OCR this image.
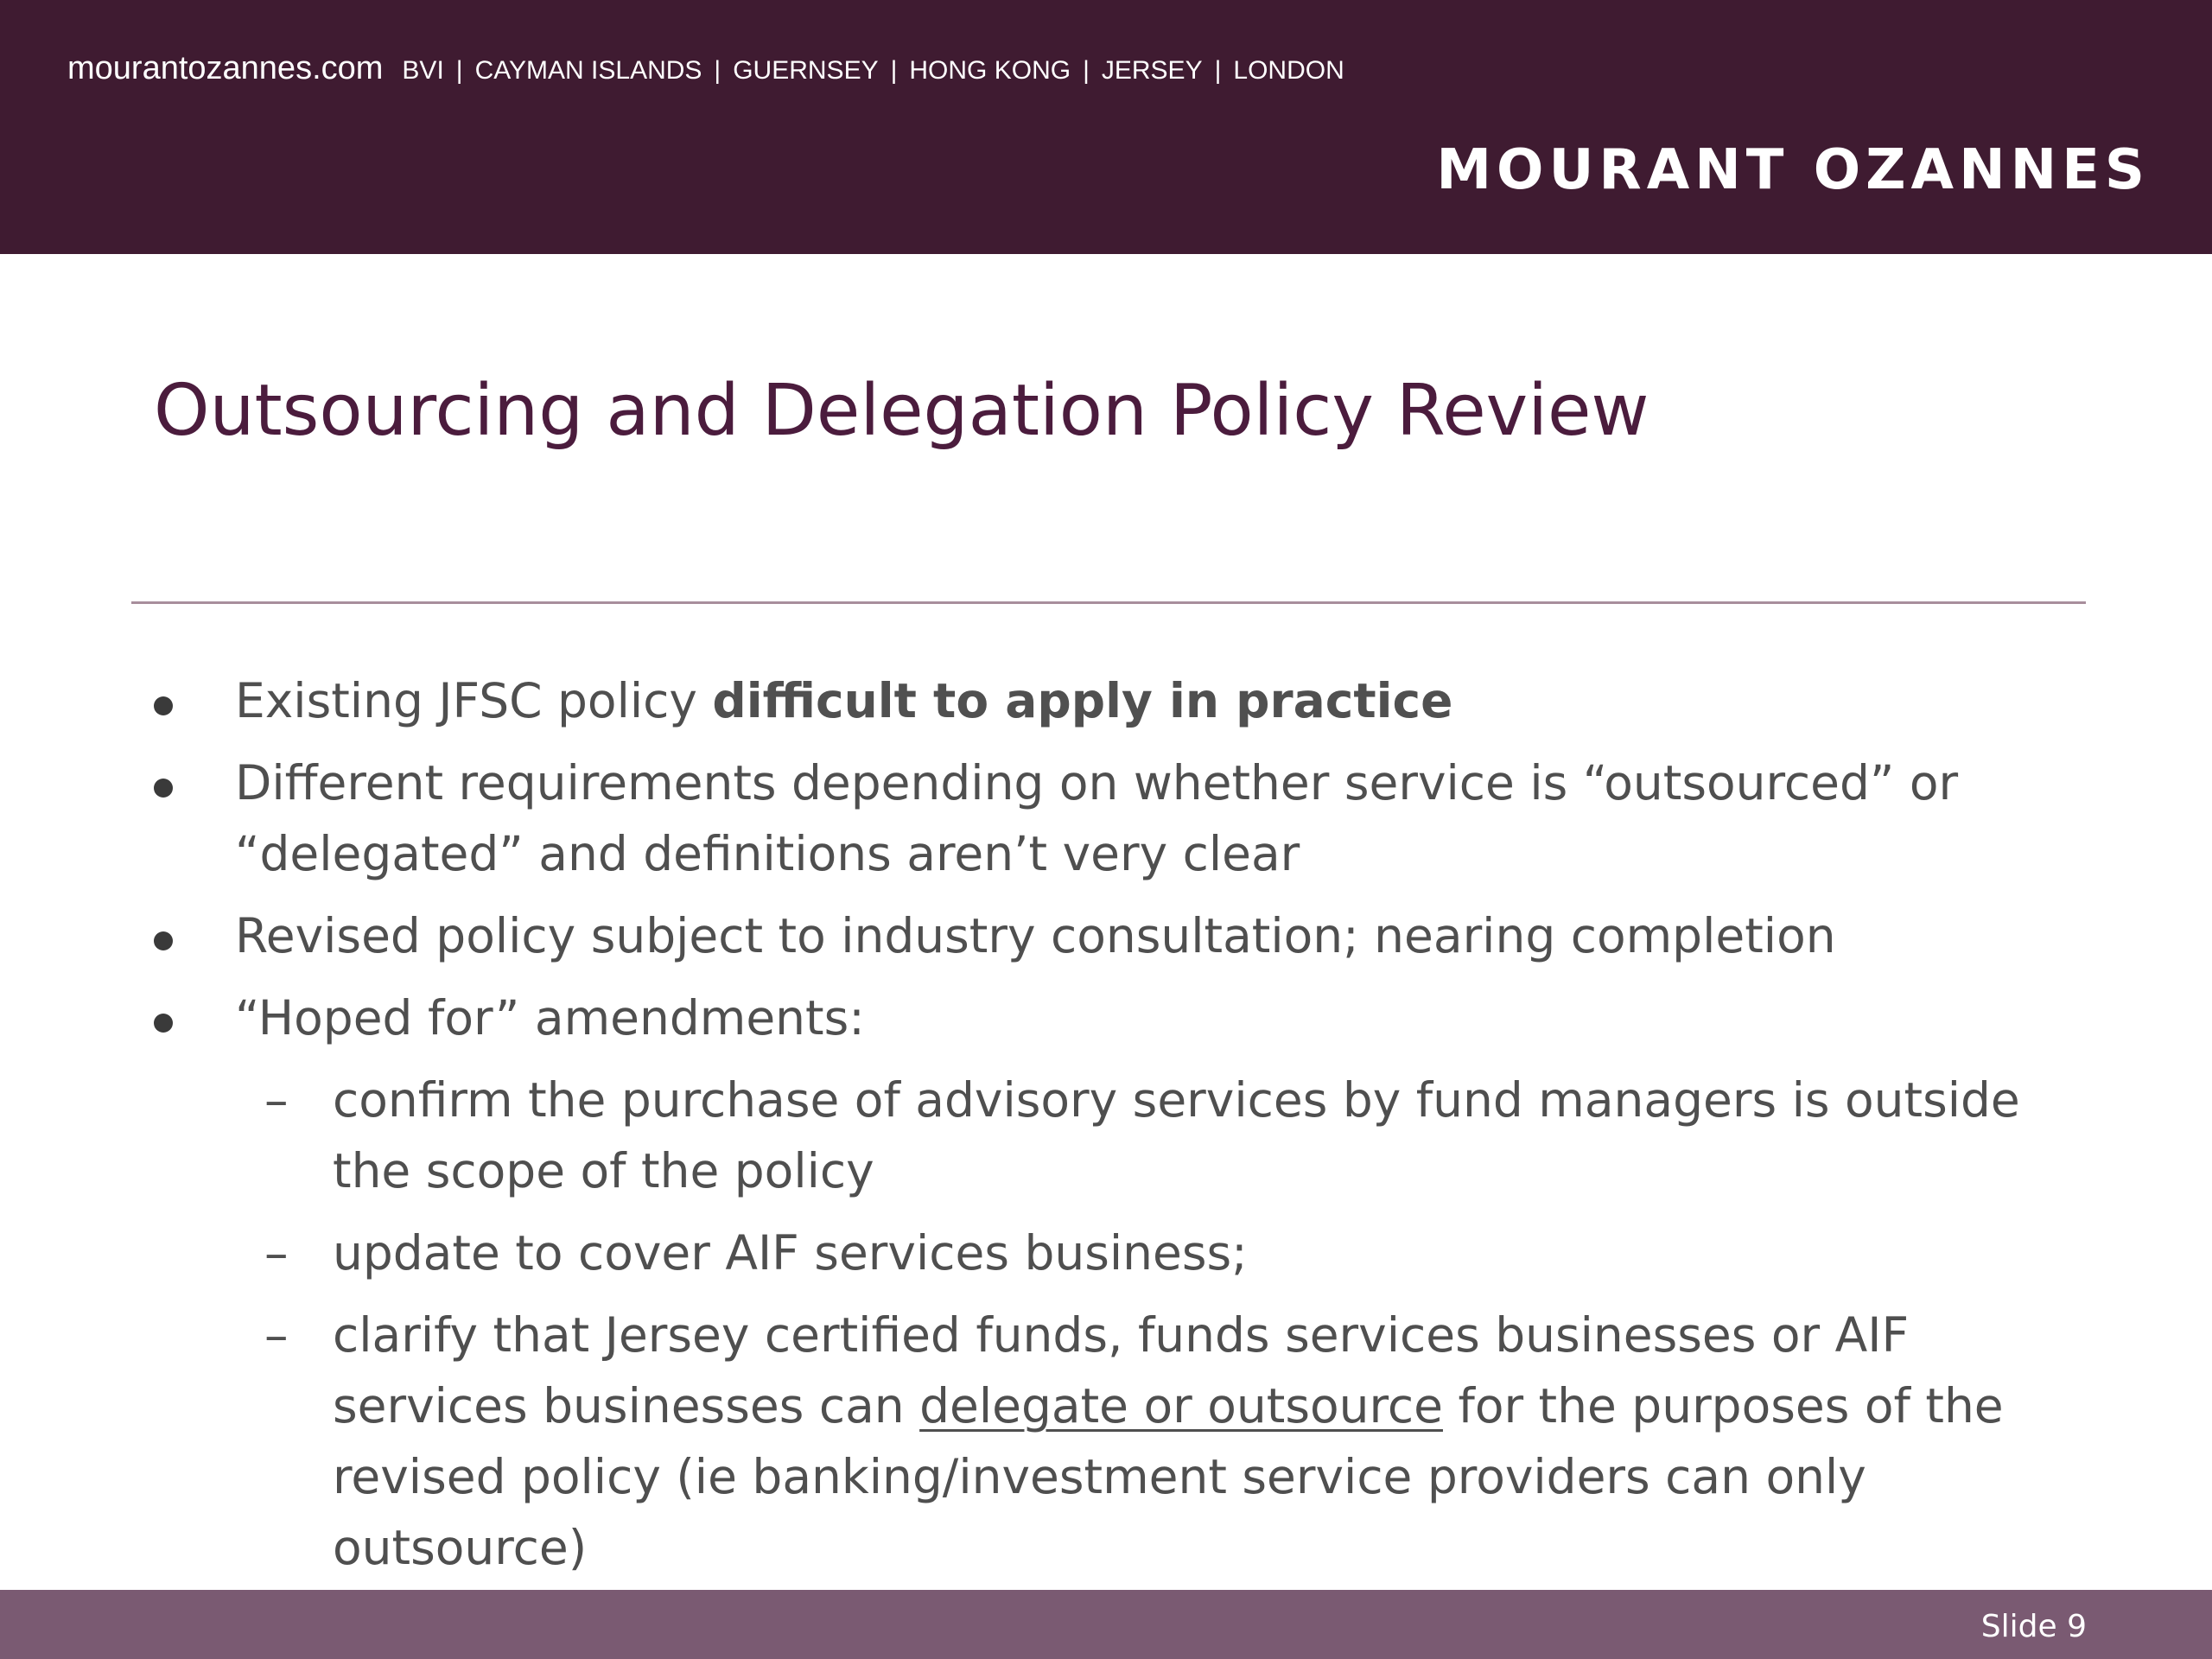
mourantozannes.com BVI | CAYMAN ISLANDS | GUERNSEY | HONG KONG | JERSEY | LONDON
MOURANT OZANNES
Outsourcing and Delegation Policy Review
Existing JFSC policy difficult to apply in practice
Different requirements depending on whether service is “outsourced” or “delegated” and definitions aren’t very clear
Revised policy subject to industry consultation; nearing completion
“Hoped for” amendments:
– confirm the purchase of advisory services by fund managers is outside the scope of the policy
– update to cover AIF services business;
– clarify that Jersey certified funds, funds services businesses or AIF services businesses can delegate or outsource for the purposes of the revised policy (ie banking/investment service providers can only outsource)
Slide 9
